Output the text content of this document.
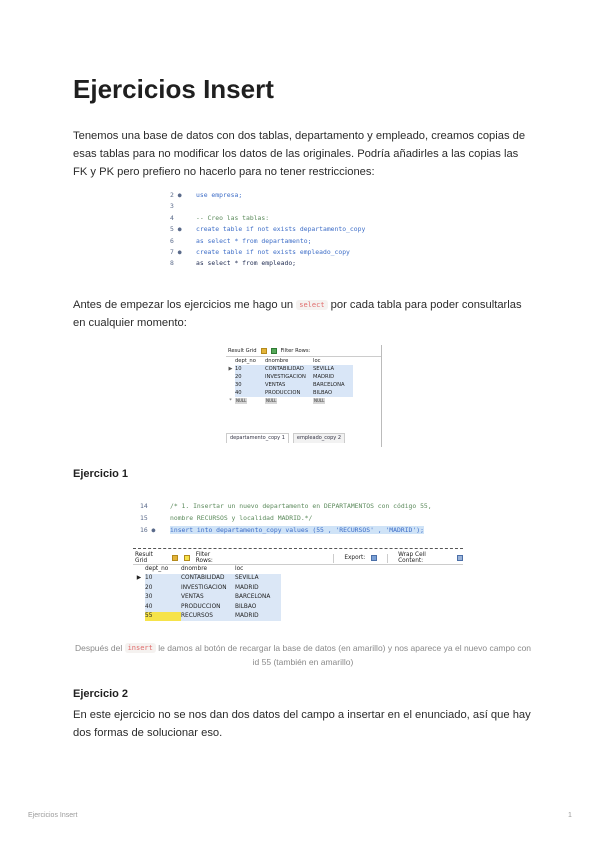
Ejercicios Insert

Tenemos una base de datos con dos tablas, departamento y empleado, creamos copias de esas tablas para no modificar los datos de las originales. Podría añadirles a las copias las FK y PK pero prefiero no hacerlo para no tener restricciones:

2 ● use empresa;
3
4	-- Creo las tablas:
5 ● create table if not exists departamento_copy
6	as select * from departamento;
7 ● create table if not exists empleado_copy
8	as select * from empleado;

Antes de empezar los ejercicios me hago un select por cada tabla para poder consultarlas en cualquier momento:

Result Grid	Filter Rows:
dept_no	dnombre	loc
▶ 10	CONTABILIDAD	SEVILLA
20	INVESTIGACION	MADRID
30	VENTAS	BARCELONA
40	PRODUCCION	BILBAO
*	NULL	NULL	NULL
departamento_copy 1	empleado_copy 2
Ejercicio 1
14	/* 1. Insertar un nuevo departamento en DEPARTAMENTOS con código 55,
15	nombre RECURSOS y localidad MADRID.*/
16 ● insert into departamento_copy values (55 , 'RECURSOS' , 'MADRID');
Result Grid
Filter Rows:	Export:	Wrap Cell Content:
dept_no	dnombre	loc
▶ 10	CONTABILIDAD	SEVILLA
20	INVESTIGACION	MADRID
30	VENTAS	BARCELONA
40	PRODUCCION	BILBAO
55	RECURSOS	MADRID

Después del insert le damos al botón de recargar la base de datos (en amarillo) y nos aparece ya el nuevo campo con id 55 (también en amarillo)

Ejercicio 2

En este ejercicio no se nos dan dos datos del campo a insertar en el enunciado, así que hay dos formas de solucionar eso.

Ejercicios Insert	1
